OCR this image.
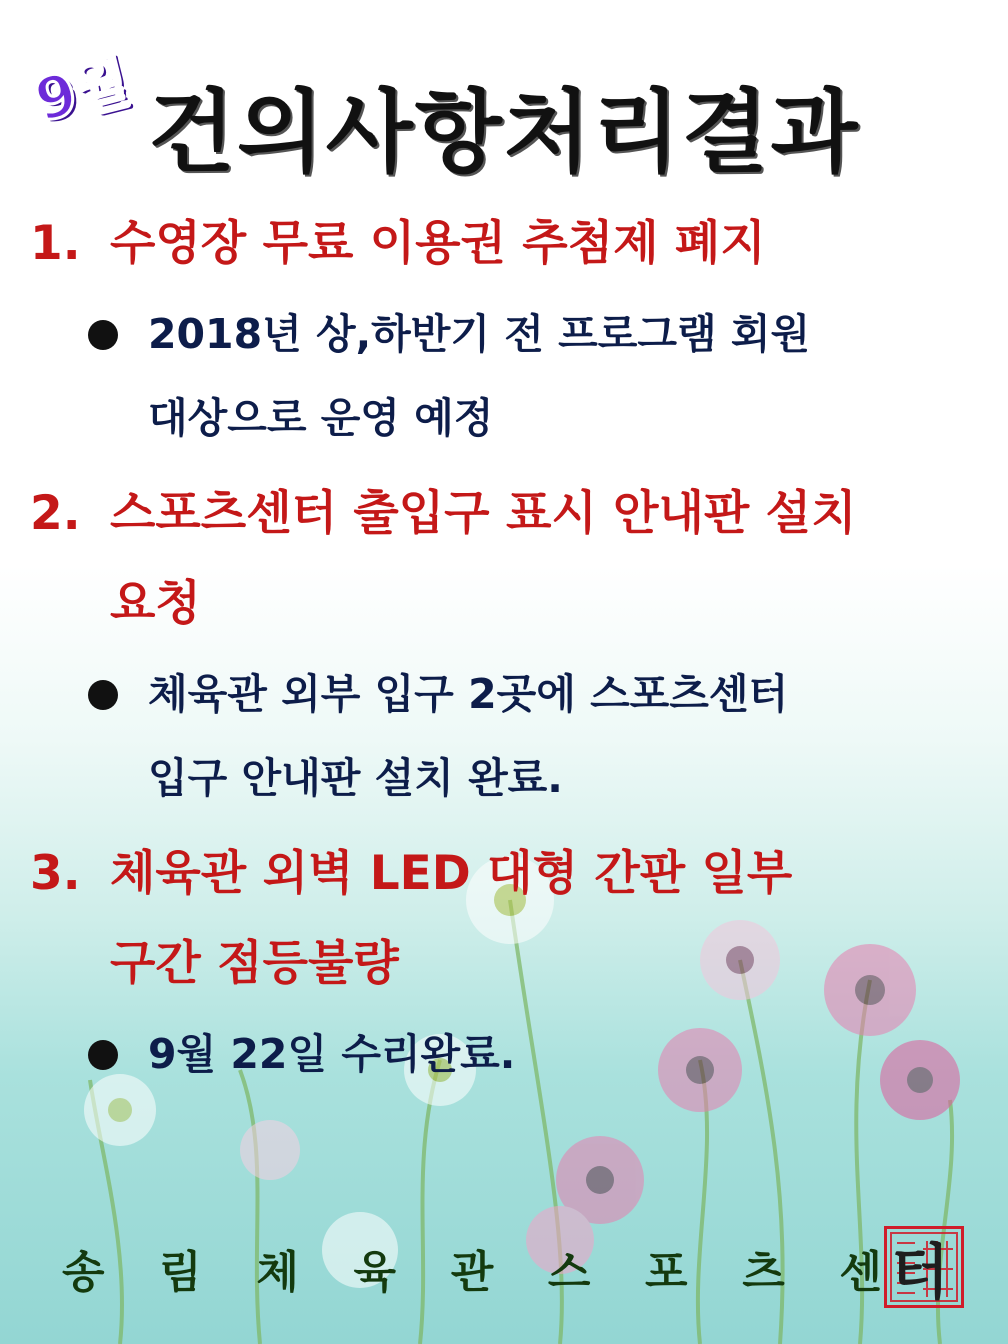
9월 건의사항처리결과
1. 수영장 무료 이용권 추첨제 폐지
2018년 상,하반기 전 프로그램 회원
대상으로 운영 예정
2. 스포츠센터 출입구 표시 안내판 설치
요청
체육관 외부 입구 2곳에 스포츠센터
입구 안내판 설치 완료.
3. 체육관 외벽 LED 대형 간판 일부
구간 점등불량
9월 22일 수리완료.
송 림 체 육 관 스 포 츠 센 터
